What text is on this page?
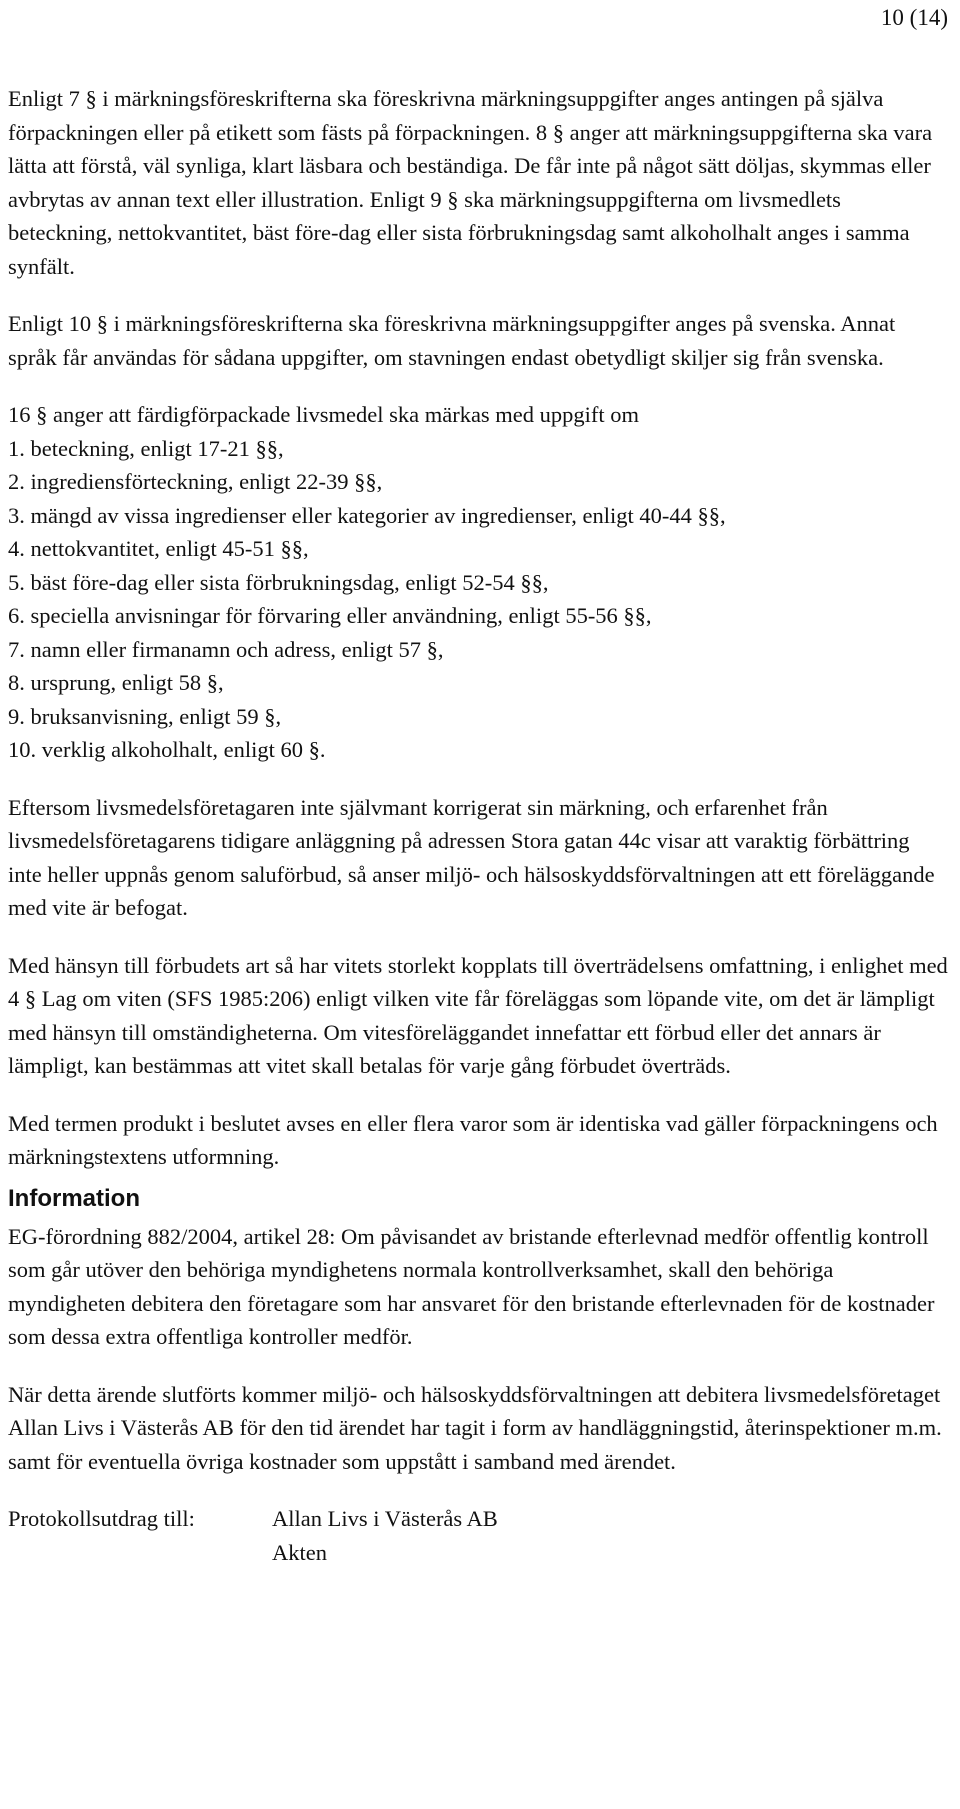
10 (14)

Enligt 7 § i märkningsföreskrifterna ska föreskrivna märkningsuppgifter anges antingen på själva förpackningen eller på etikett som fästs på förpackningen. 8 § anger att märkningsuppgifterna ska vara lätta att förstå, väl synliga, klart läsbara och beständiga. De får inte på något sätt döljas, skymmas eller avbrytas av annan text eller illustration. Enligt 9 § ska märkningsuppgifterna om livsmedlets beteckning, nettokvantitet, bäst före-dag eller sista förbrukningsdag samt alkoholhalt anges i samma synfält.

Enligt 10 § i märkningsföreskrifterna ska föreskrivna märkningsuppgifter anges på svenska. Annat språk får användas för sådana uppgifter, om stavningen endast obetydligt skiljer sig från svenska.

16 § anger att färdigförpackade livsmedel ska märkas med uppgift om
1. beteckning, enligt 17-21 §§,
2. ingrediensförteckning, enligt 22-39 §§,
3. mängd av vissa ingredienser eller kategorier av ingredienser, enligt 40-44 §§,
4. nettokvantitet, enligt 45-51 §§,
5. bäst före-dag eller sista förbrukningsdag, enligt 52-54 §§,
6. speciella anvisningar för förvaring eller användning, enligt 55-56 §§,
7. namn eller firmanamn och adress, enligt 57 §,
8. ursprung, enligt 58 §,
9. bruksanvisning, enligt 59 §,
10. verklig alkoholhalt, enligt 60 §.

Eftersom livsmedelsföretagaren inte självmant korrigerat sin märkning, och erfarenhet från livsmedelsföretagarens tidigare anläggning på adressen Stora gatan 44c visar att varaktig förbättring inte heller uppnås genom saluförbud, så anser miljö- och hälsoskyddsförvaltningen att ett föreläggande med vite är befogat.

Med hänsyn till förbudets art så har vitets storlekt kopplats till överträdelsens omfattning, i enlighet med 4 § Lag om viten (SFS 1985:206) enligt vilken vite får föreläggas som löpande vite, om det är lämpligt med hänsyn till omständigheterna. Om vitesföreläggandet innefattar ett förbud eller det annars är lämpligt, kan bestämmas att vitet skall betalas för varje gång förbudet överträds.

Med termen produkt i beslutet avses en eller flera varor som är identiska vad gäller förpackningens och märkningstextens utformning.

Information

EG-förordning 882/2004, artikel 28: Om påvisandet av bristande efterlevnad medför offentlig kontroll som går utöver den behöriga myndighetens normala kontrollverksamhet, skall den behöriga myndigheten debitera den företagare som har ansvaret för den bristande efterlevnaden för de kostnader som dessa extra offentliga kontroller medför.

När detta ärende slutförts kommer miljö- och hälsoskyddsförvaltningen att debitera livsmedelsföretaget Allan Livs i Västerås AB för den tid ärendet har tagit i form av handläggningstid, återinspektioner m.m. samt för eventuella övriga kostnader som uppstått i samband med ärendet.

Protokollsutdrag till:	Allan Livs i Västerås AB
Akten
